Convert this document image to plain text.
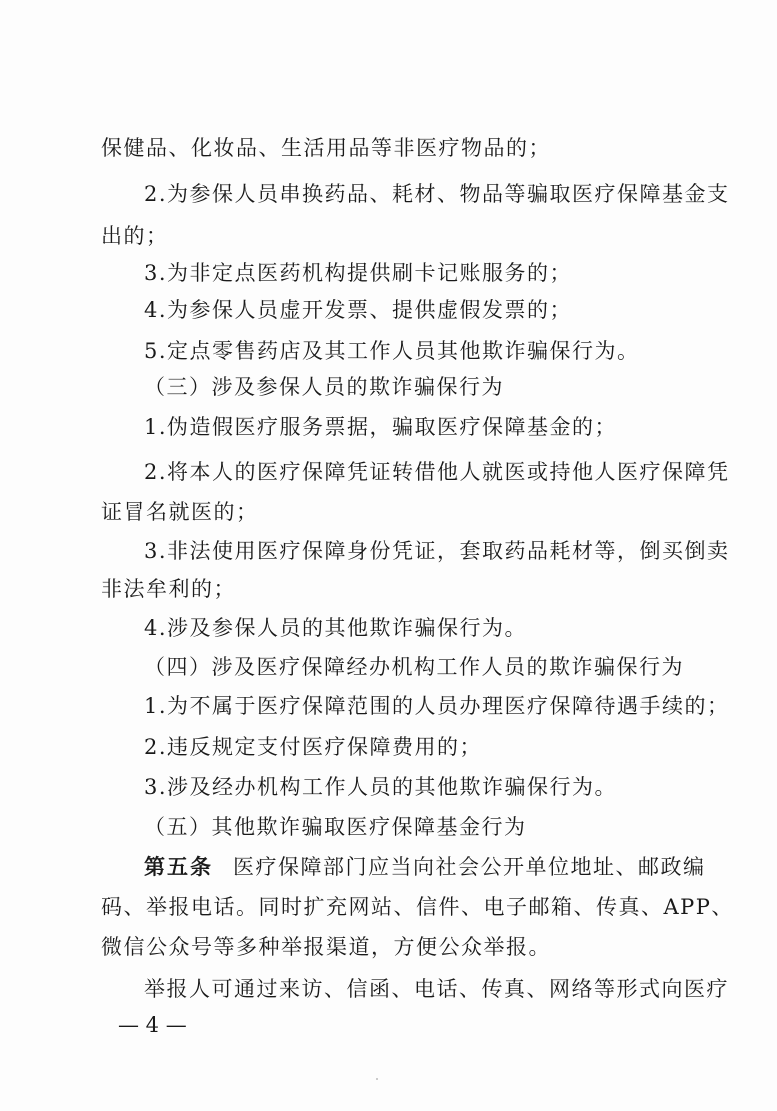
保健品、化妆品、生活用品等非医疗物品的；
2.为参保人员串换药品、耗材、物品等骗取医疗保障基金支
出的；
3.为非定点医药机构提供刷卡记账服务的；
4.为参保人员虚开发票、提供虚假发票的；
5.定点零售药店及其工作人员其他欺诈骗保行为。
（三）涉及参保人员的欺诈骗保行为
1.伪造假医疗服务票据，骗取医疗保障基金的；
2.将本人的医疗保障凭证转借他人就医或持他人医疗保障凭
证冒名就医的；
3.非法使用医疗保障身份凭证，套取药品耗材等，倒买倒卖
非法牟利的；
4.涉及参保人员的其他欺诈骗保行为。
（四）涉及医疗保障经办机构工作人员的欺诈骗保行为
1.为不属于医疗保障范围的人员办理医疗保障待遇手续的；
2.违反规定支付医疗保障费用的；
3.涉及经办机构工作人员的其他欺诈骗保行为。
（五）其他欺诈骗取医疗保障基金行为
第五条 医疗保障部门应当向社会公开单位地址、邮政编
码、举报电话。同时扩充网站、信件、电子邮箱、传真、APP、
微信公众号等多种举报渠道，方便公众举报。
举报人可通过来访、信函、电话、传真、网络等形式向医疗
— 4 —
